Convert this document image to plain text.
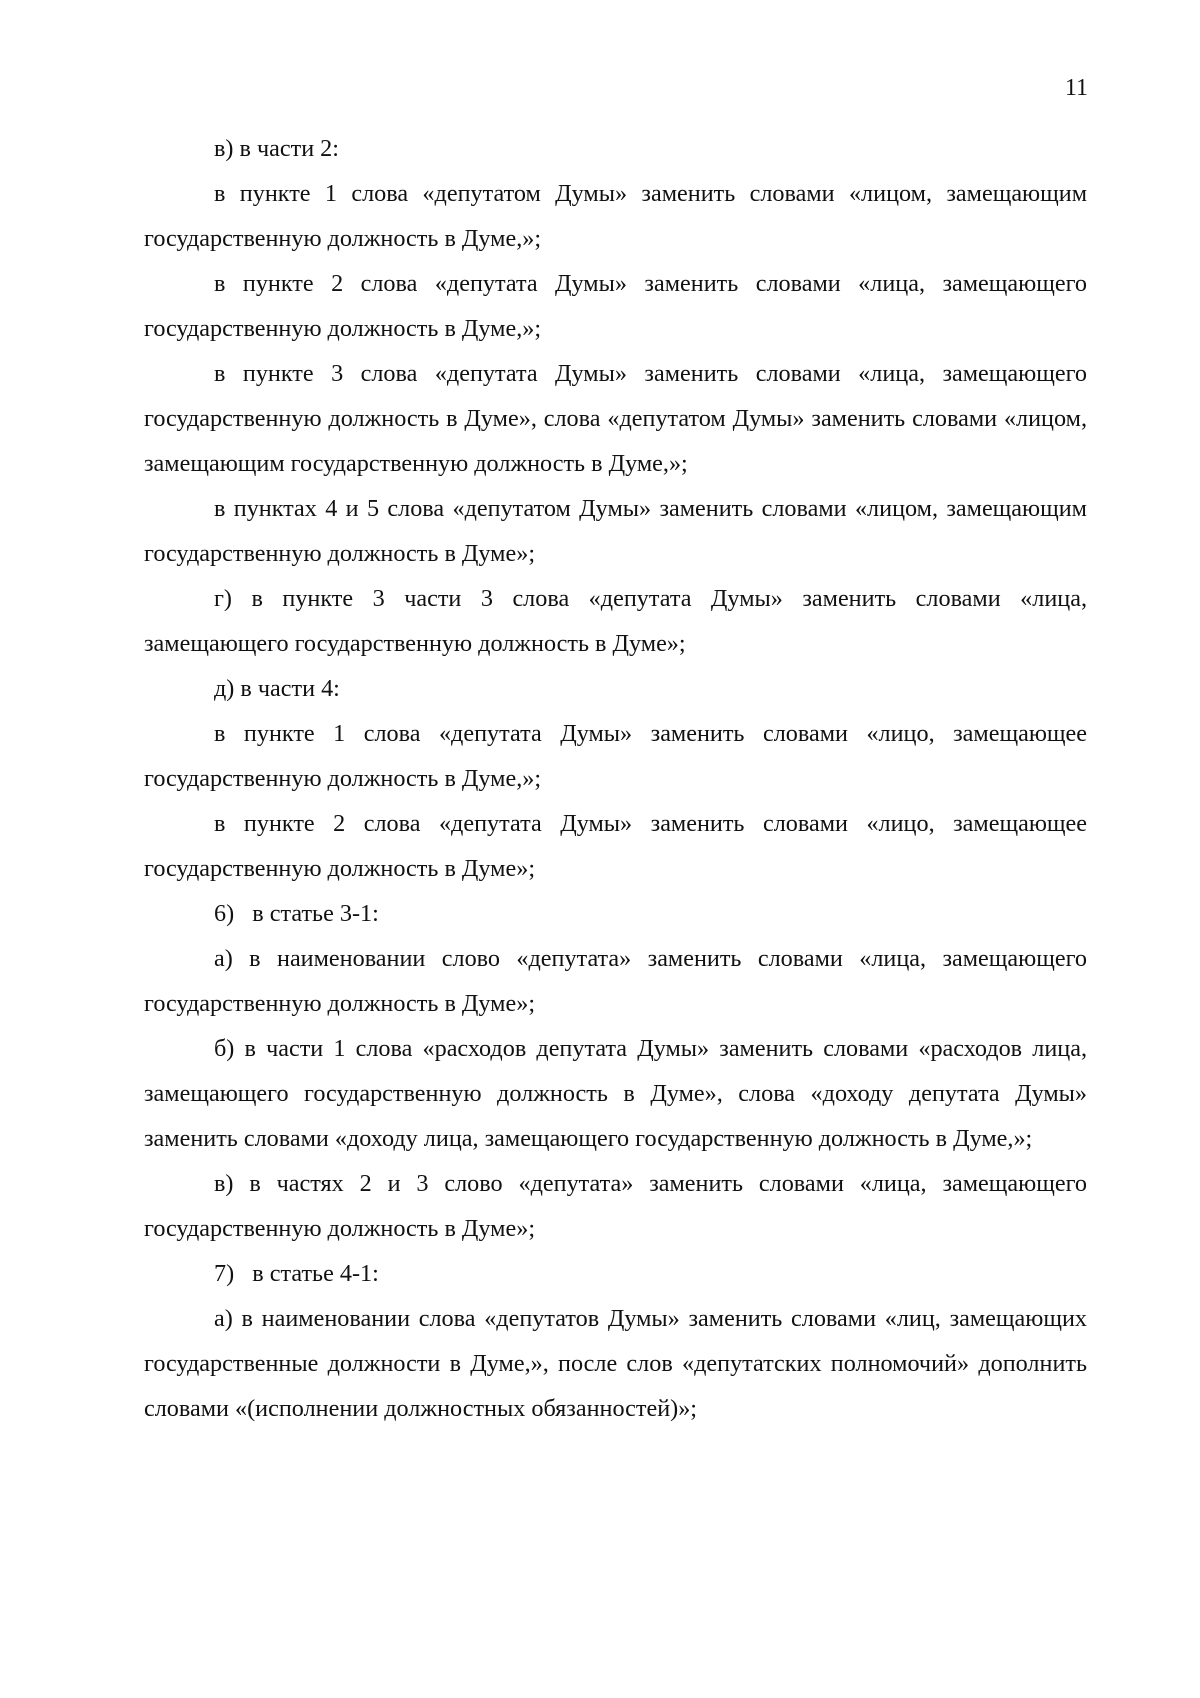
11

в) в части 2:

в пункте 1 слова «депутатом Думы» заменить словами «лицом, замещающим государственную должность в Думе,»;

в пункте 2 слова «депутата Думы» заменить словами «лица, замещающего государственную должность в Думе,»;

в пункте 3 слова «депутата Думы» заменить словами «лица, замещающего государственную должность в Думе», слова «депутатом Думы» заменить словами «лицом, замещающим государственную должность в Думе,»;

в пунктах 4 и 5 слова «депутатом Думы» заменить словами «лицом, замещающим государственную должность в Думе»;

г) в пункте 3 части 3 слова «депутата Думы» заменить словами «лица, замещающего государственную должность в Думе»;

д) в части 4:

в пункте 1 слова «депутата Думы» заменить словами «лицо, замещающее государственную должность в Думе,»;

в пункте 2 слова «депутата Думы» заменить словами «лицо, замещающее государственную должность в Думе»;

6)   в статье 3-1:

а) в наименовании слово «депутата» заменить словами «лица, замещающего государственную должность в Думе»;

б) в части 1 слова «расходов депутата Думы» заменить словами «расходов лица, замещающего государственную должность в Думе», слова «доходу депутата Думы» заменить словами «доходу лица, замещающего государственную должность в Думе,»;

в) в частях 2 и 3 слово «депутата» заменить словами «лица, замещающего государственную должность в Думе»;

7)   в статье 4-1:

а) в наименовании слова «депутатов Думы» заменить словами «лиц, замещающих государственные должности в Думе,», после слов «депутатских полномочий» дополнить словами «(исполнении должностных обязанностей)»;
